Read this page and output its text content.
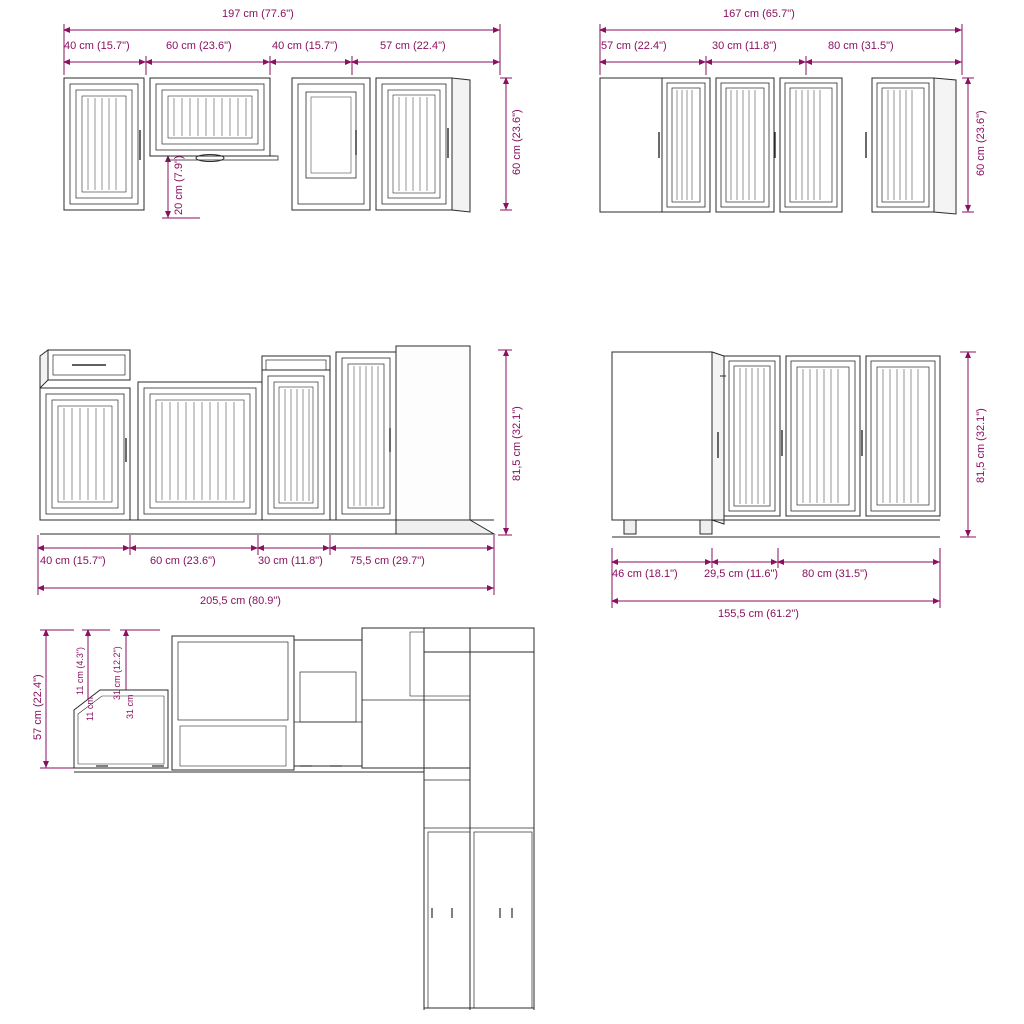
197 cm (77.6")
40 cm (15.7")	60 cm (23.6")	40 cm (15.7")	57 cm (22.4")
60 cm (23.6")
20 cm (7.9")
167 cm (65.7")
57 cm (22.4")	30 cm (11.8")	80 cm (31.5")
60 cm (23.6")
81,5 cm (32.1")
40 cm (15.7")	60 cm (23.6")	30 cm (11.8") 75,5 cm (29.7")
205,5 cm (80.9")
81,5 cm (32.1")
46 cm (18.1") 29,5 cm (11.6") 80 cm (31.5")
155,5 cm (61.2")
57 cm (22.4")
11 cm (4.3")	31 cm (12.2")
11 cm	31 cm
